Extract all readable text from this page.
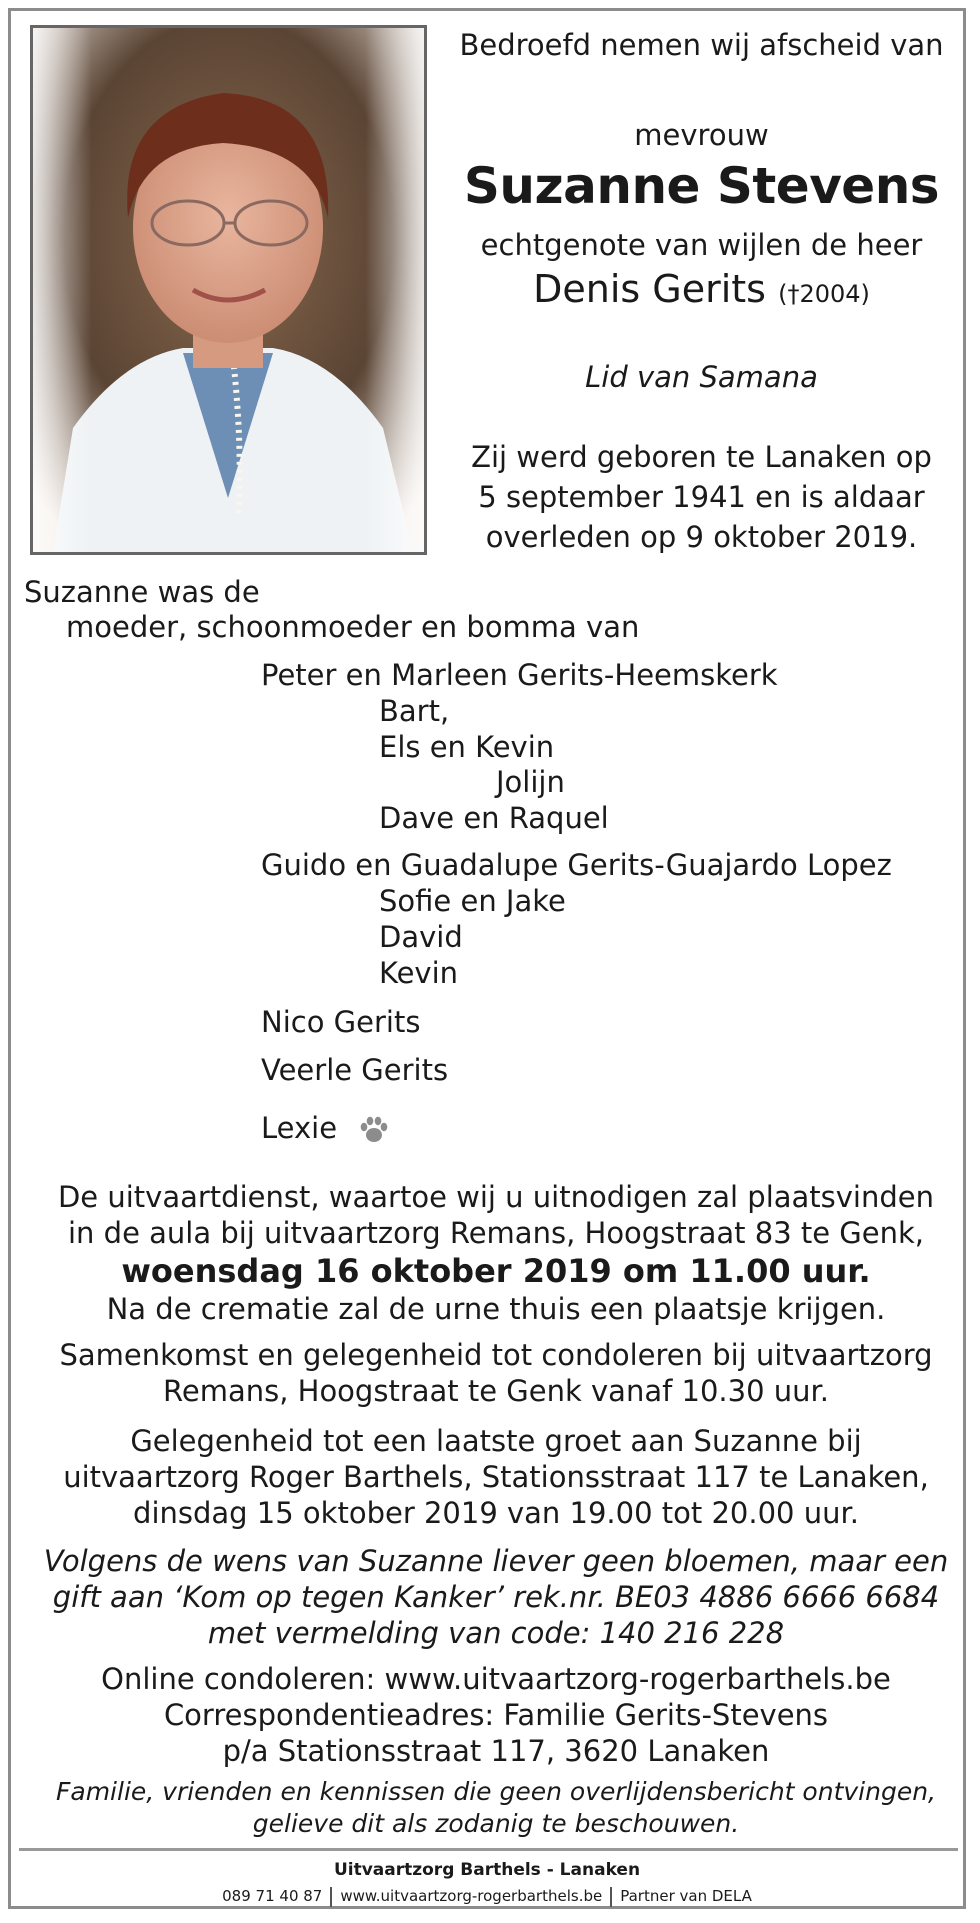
Bedroefd nemen wij afscheid van
mevrouw
Suzanne Stevens
echtgenote van wijlen de heer
Denis Gerits (†2004)
Lid van Samana
Zij werd geboren te Lanaken op
5 september 1941 en is aldaar
overleden op 9 oktober 2019.
Suzanne was de
moeder, schoonmoeder en bomma van
Peter en Marleen Gerits-Heemskerk
Bart,
Els en Kevin
Jolijn
Dave en Raquel
Guido en Guadalupe Gerits-Guajardo Lopez
Sofie en Jake
David
Kevin
Nico Gerits
Veerle Gerits
Lexie
De uitvaartdienst, waartoe wij u uitnodigen zal plaatsvinden
in de aula bij uitvaartzorg Remans, Hoogstraat 83 te Genk,
woensdag 16 oktober 2019 om 11.00 uur.
Na de crematie zal de urne thuis een plaatsje krijgen.
Samenkomst en gelegenheid tot condoleren bij uitvaartzorg
Remans, Hoogstraat te Genk vanaf 10.30 uur.
Gelegenheid tot een laatste groet aan Suzanne bij
uitvaartzorg Roger Barthels, Stationsstraat 117 te Lanaken,
dinsdag 15 oktober 2019 van 19.00 tot 20.00 uur.
Volgens de wens van Suzanne liever geen bloemen, maar een
gift aan ‘Kom op tegen Kanker’ rek.nr. BE03 4886 6666 6684
met vermelding van code: 140 216 228
Online condoleren: www.uitvaartzorg-rogerbarthels.be
Correspondentieadres: Familie Gerits-Stevens
p/a Stationsstraat 117, 3620 Lanaken
Familie, vrienden en kennissen die geen overlijdensbericht ontvingen,
gelieve dit als zodanig te beschouwen.
Uitvaartzorg Barthels - Lanaken
089 71 40 87 www.uitvaartzorg-rogerbarthels.be Partner van DELA
